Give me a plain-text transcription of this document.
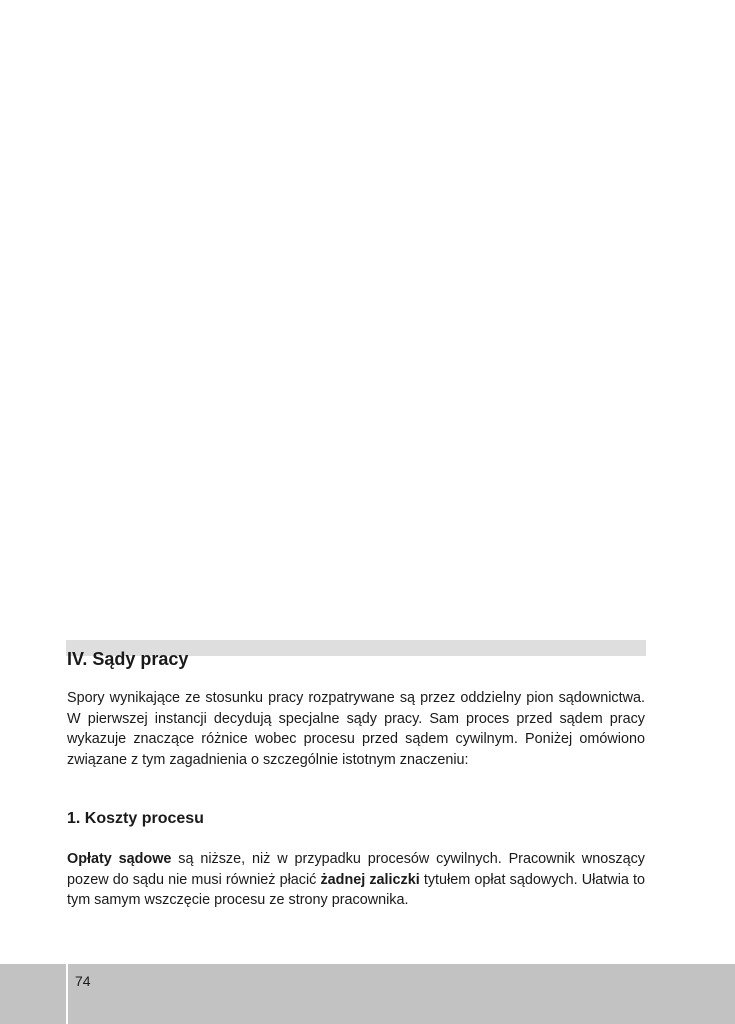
IV. Sądy pracy

Spory wynikające ze stosunku pracy rozpatrywane są przez oddzielny pion sądownictwa. W pierwszej instancji decydują specjalne sądy pracy. Sam proces przed sądem pracy wykazuje znaczące różnice wobec procesu przed sądem cywilnym. Poniżej omówiono związane z tym zagadnienia o szczególnie istotnym znaczeniu:

1. Koszty procesu

Opłaty sądowe są niższe, niż w przypadku procesów cywilnych. Pracownik wnoszący pozew do sądu nie musi również płacić żadnej zaliczki tytułem opłat sądowych. Ułatwia to tym samym wszczęcie procesu ze strony pracownika.

74
